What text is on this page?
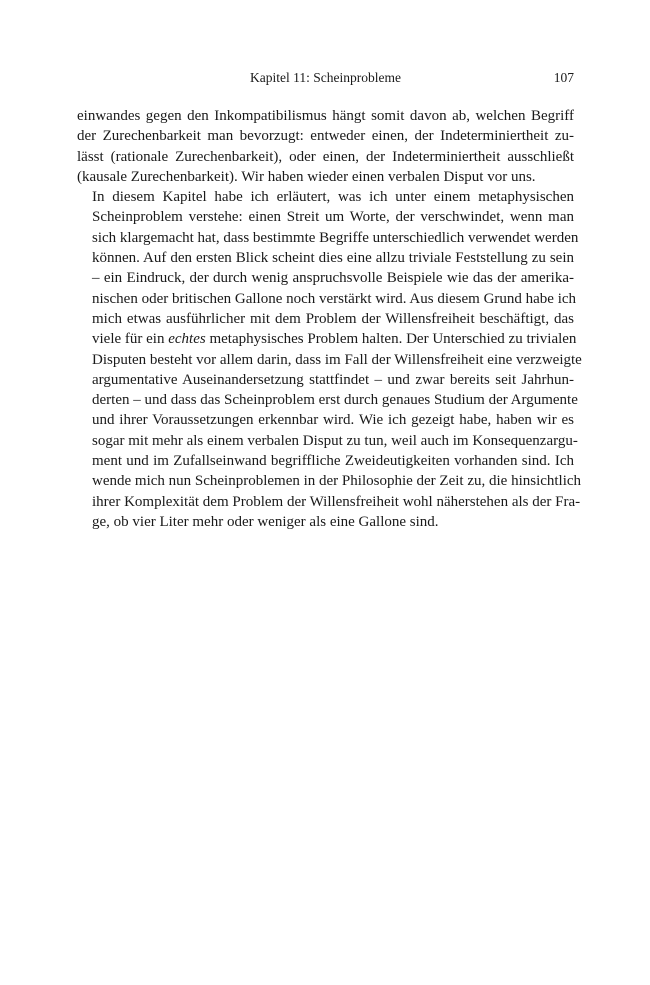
Kapitel 11: Scheinprobleme	107

einwandes gegen den Inkompatibilismus hängt somit davon ab, welchen Begriff
der Zurechenbarkeit man bevorzugt: entweder einen, der Indeterminiertheit zu-
lässt (rationale Zurechenbarkeit), oder einen, der Indeterminiertheit ausschließt
(kausale Zurechenbarkeit). Wir haben wieder einen verbalen Disput vor uns.

In diesem Kapitel habe ich erläutert, was ich unter einem metaphysischen
Scheinproblem verstehe: einen Streit um Worte, der verschwindet, wenn man
sich klargemacht hat, dass bestimmte Begriffe unterschiedlich verwendet werden
können. Auf den ersten Blick scheint dies eine allzu triviale Feststellung zu sein
– ein Eindruck, der durch wenig anspruchsvolle Beispiele wie das der amerika-
nischen oder britischen Gallone noch verstärkt wird. Aus diesem Grund habe ich
mich etwas ausführlicher mit dem Problem der Willensfreiheit beschäftigt, das
viele für ein echtes metaphysisches Problem halten. Der Unterschied zu trivialen
Disputen besteht vor allem darin, dass im Fall der Willensfreiheit eine verzweigte
argumentative Auseinandersetzung stattfindet – und zwar bereits seit Jahrhun-
derten – und dass das Scheinproblem erst durch genaues Studium der Argumente
und ihrer Voraussetzungen erkennbar wird. Wie ich gezeigt habe, haben wir es
sogar mit mehr als einem verbalen Disput zu tun, weil auch im Konsequenzargu-
ment und im Zufallseinwand begriffliche Zweideutigkeiten vorhanden sind. Ich
wende mich nun Scheinproblemen in der Philosophie der Zeit zu, die hinsichtlich
ihrer Komplexität dem Problem der Willensfreiheit wohl näherstehen als der Fra-
ge, ob vier Liter mehr oder weniger als eine Gallone sind.
